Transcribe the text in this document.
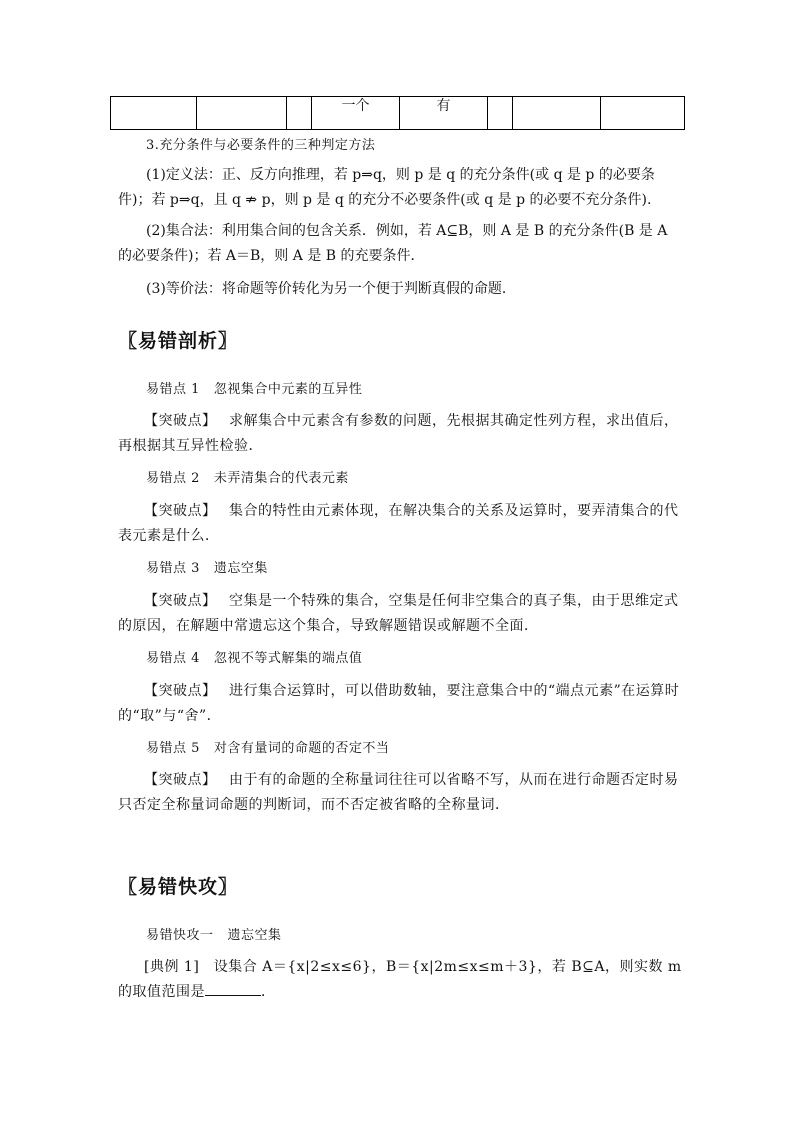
			一个	有			

3.充分条件与必要条件的三种判定方法

(1)定义法：正、反方向推理，若 p⇒q，则 p 是 q 的充分条件(或 q 是 p 的必要条件)；若 p⇒q，且 q ⇏ p，则 p 是 q 的充分不必要条件(或 q 是 p 的必要不充分条件).

(2)集合法：利用集合间的包含关系．例如，若 A⊆B，则 A 是 B 的充分条件(B 是 A 的必要条件)；若 A＝B，则 A 是 B 的充要条件．

(3)等价法：将命题等价转化为另一个便于判断真假的命题．

〖易错剖析〗

易错点 1 忽视集合中元素的互异性

【突破点】　 求解集合中元素含有参数的问题，先根据其确定性列方程，求出值后，再根据其互异性检验．

易错点 2 未弄清集合的代表元素

【突破点】　 集合的特性由元素体现，在解决集合的关系及运算时，要弄清集合的代表元素是什么．

易错点 3 遗忘空集

【突破点】　 空集是一个特殊的集合，空集是任何非空集合的真子集，由于思维定式的原因，在解题中常遗忘这个集合，导致解题错误或解题不全面．

易错点 4 忽视不等式解集的端点值

【突破点】　 进行集合运算时，可以借助数轴，要注意集合中的“端点元素”在运算时的“取”与“舍”．

易错点 5 对含有量词的命题的否定不当

【突破点】　 由于有的命题的全称量词往往可以省略不写，从而在进行命题否定时易只否定全称量词命题的判断词，而不否定被省略的全称量词．

〖易错快攻〗

易错快攻一 遗忘空集

[典例 1]　 设集合 A＝{x|2≤x≤6}，B＝{x|2m≤x≤m＋3}，若 B⊆A，则实数 m 的取值范围是	．
